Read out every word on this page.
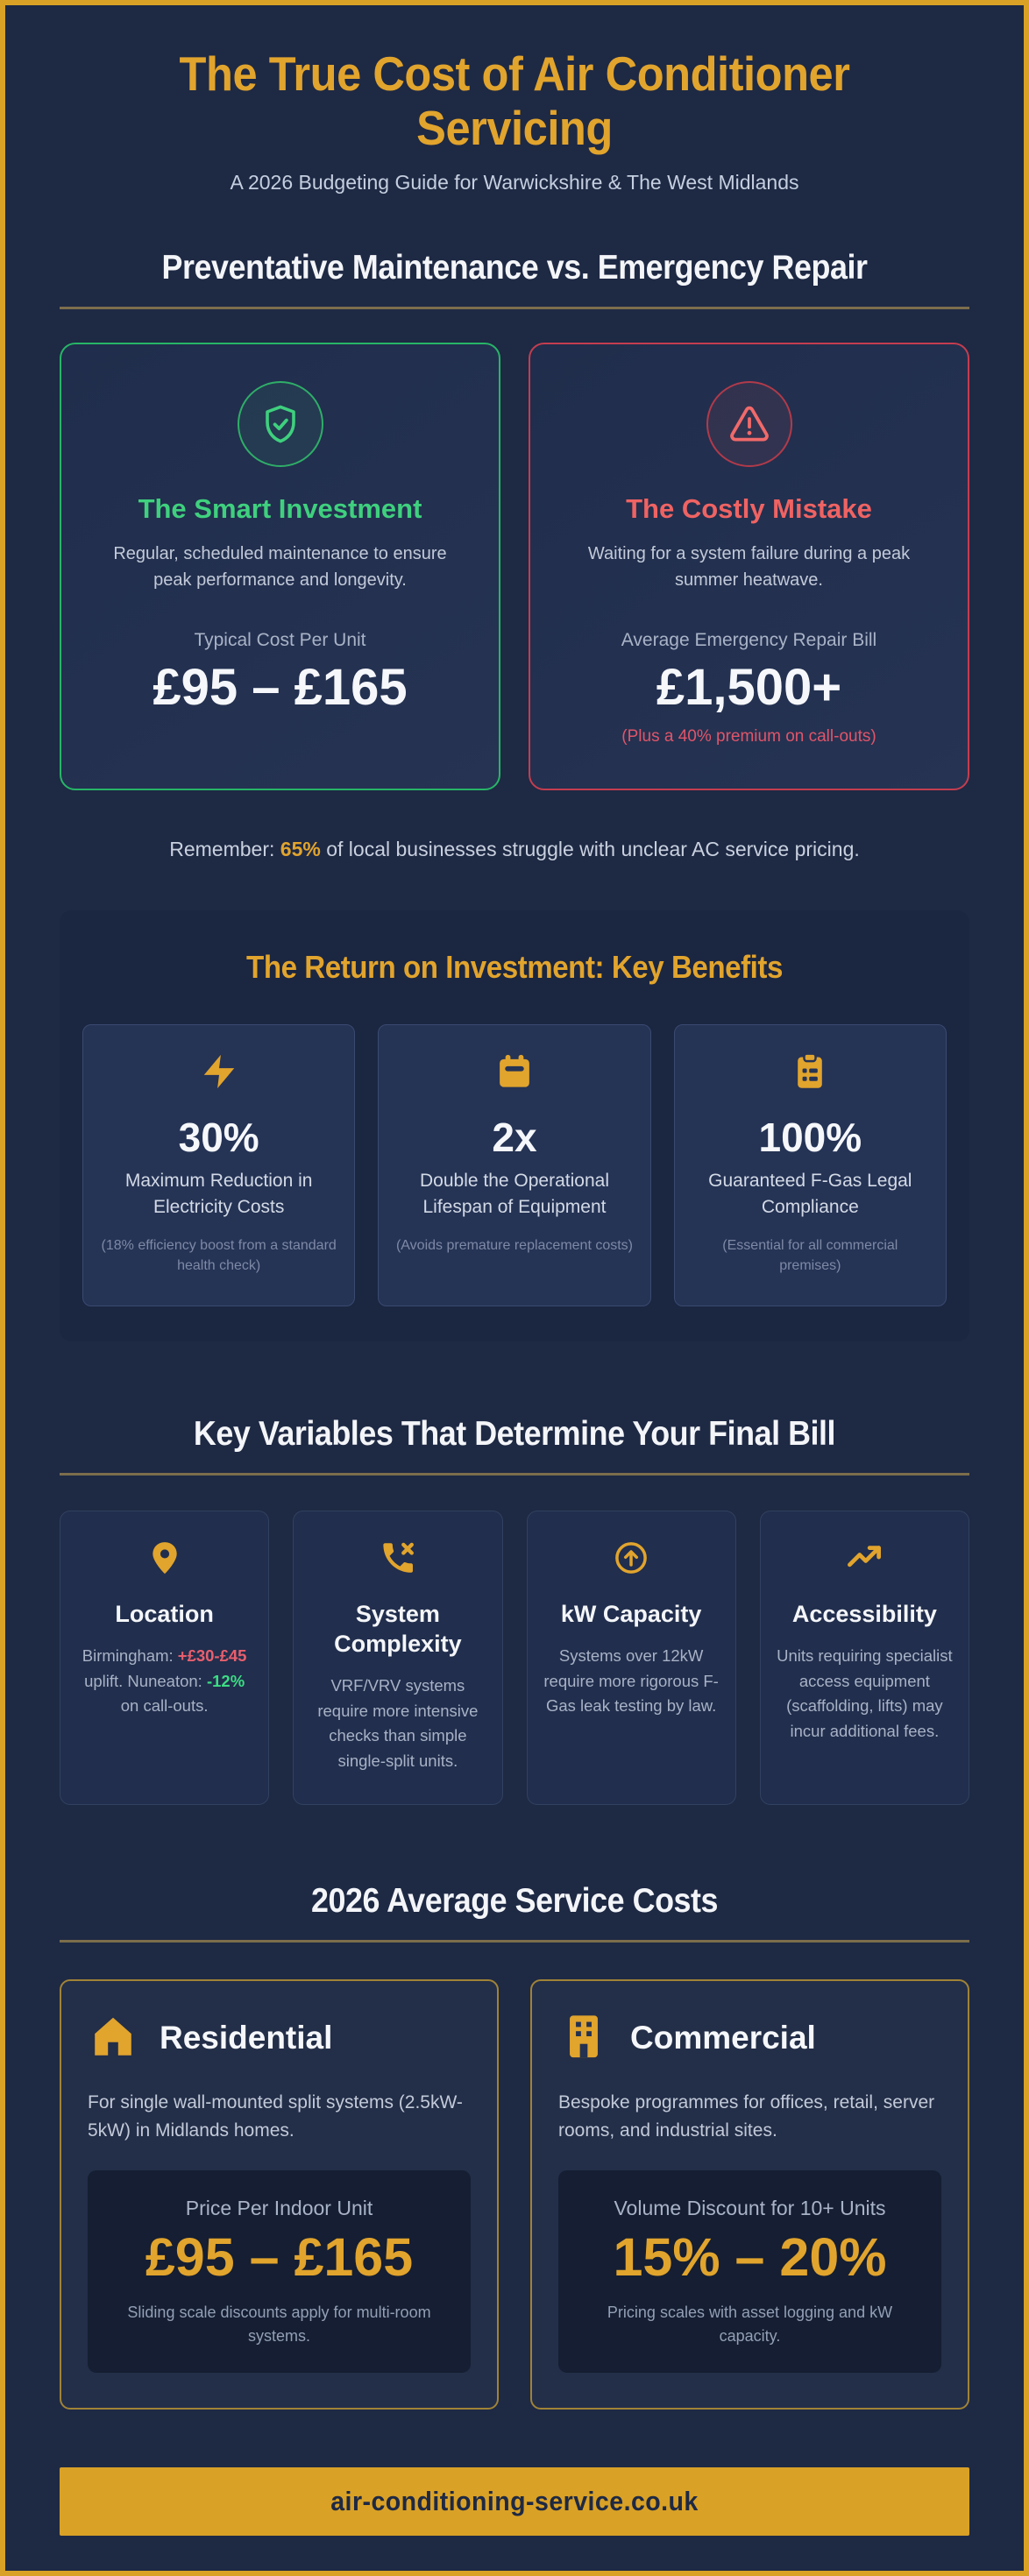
The True Cost of Air Conditioner Servicing

A 2026 Budgeting Guide for Warwickshire & The West Midlands

Preventative Maintenance vs. Emergency Repair
The Smart Investment

Regular, scheduled maintenance to ensure peak performance and longevity.

Typical Cost Per Unit

£95 – £165

The Costly Mistake

Waiting for a system failure during a peak summer heatwave.

Average Emergency Repair Bill

£1,500+

(Plus a 40% premium on call-outs)

Remember: 65% of local businesses struggle with unclear AC service pricing.

The Return on Investment: Key Benefits

30%

Maximum Reduction in Electricity Costs

(18% efficiency boost from a standard health check)

2x

Double the Operational Lifespan of Equipment

(Avoids premature replacement costs)

100%

Guaranteed F-Gas Legal Compliance

(Essential for all commercial premises)

Key Variables That Determine Your Final Bill

Location

Birmingham: +£30-£45 uplift. Nuneaton: -12% on call-outs.

System Complexity

VRF/VRV systems require more intensive checks than simple single-split units.

kW Capacity

Systems over 12kW require more rigorous F-Gas leak testing by law.

Accessibility

Units requiring specialist access equipment (scaffolding, lifts) may incur additional fees.

2026 Average Service Costs
Residential

For single wall-mounted split systems (2.5kW-5kW) in Midlands homes.

Price Per Indoor Unit

£95 – £165

Sliding scale discounts apply for multi-room systems.

Commercial

Bespoke programmes for offices, retail, server rooms, and industrial sites.

Volume Discount for 10+ Units

15% – 20%

Pricing scales with asset logging and kW capacity.

air-conditioning-service.co.uk
